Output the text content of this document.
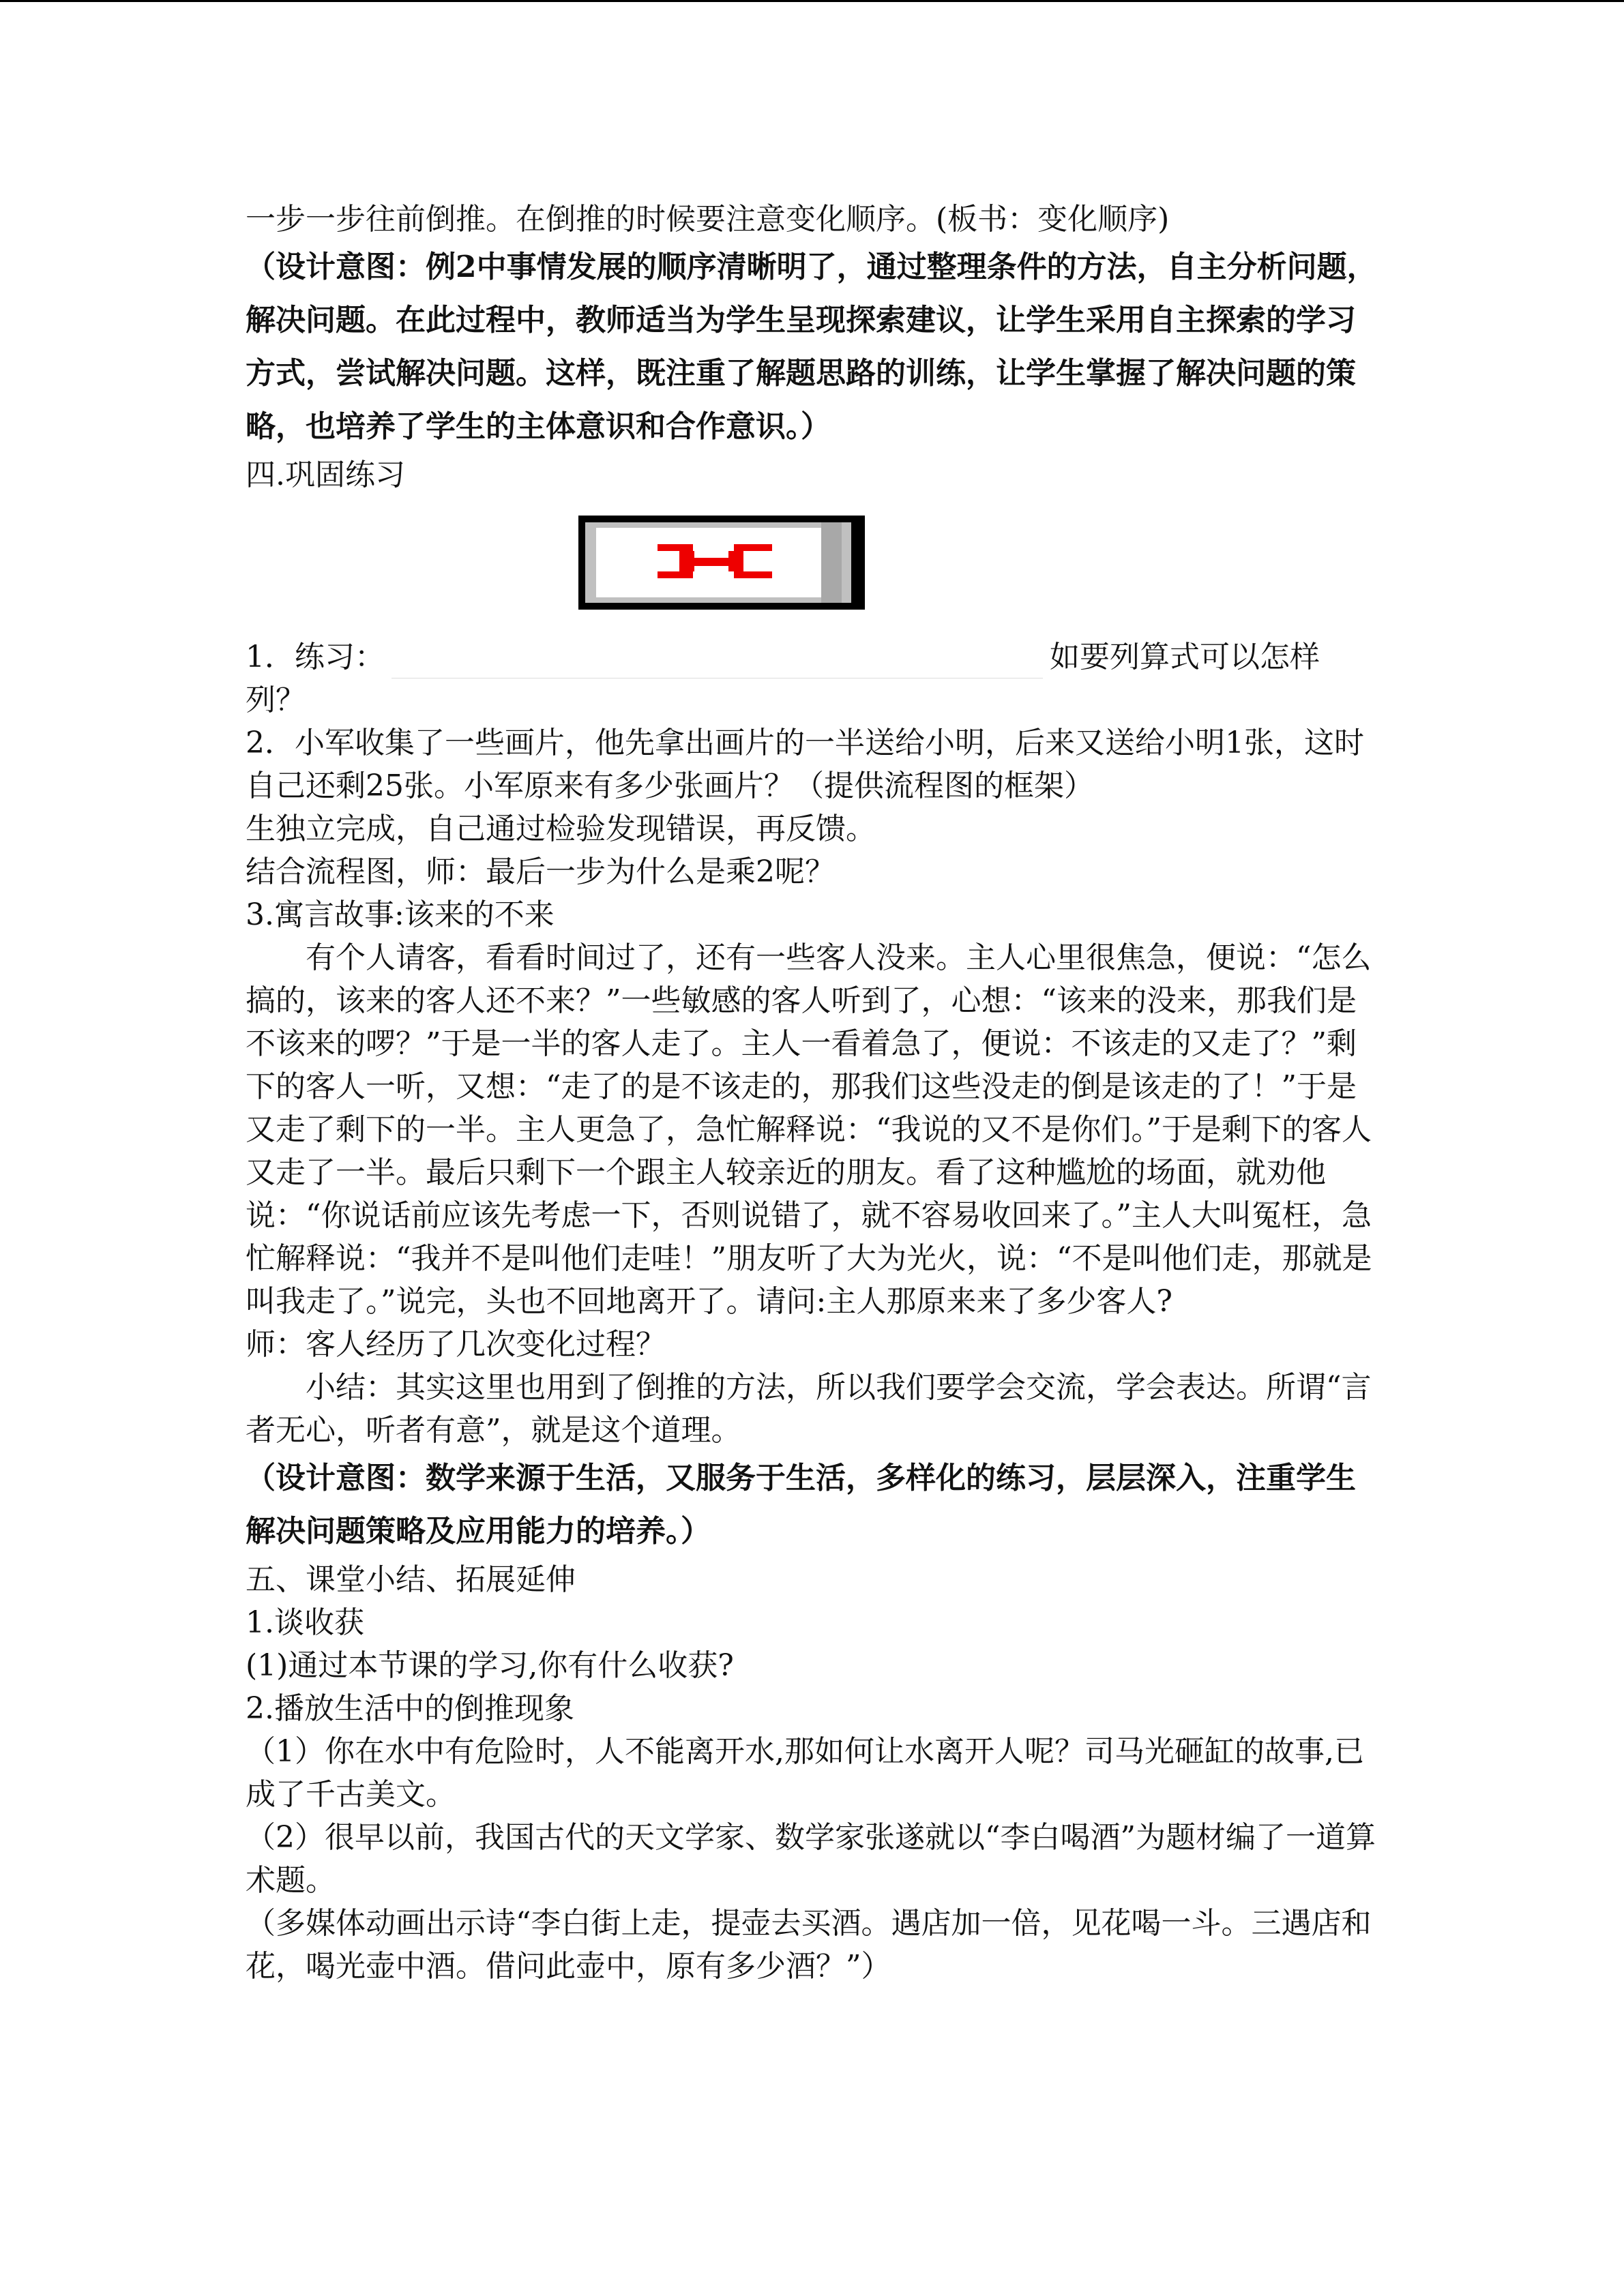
一步一步往前倒推。在倒推的时候要注意变化顺序。(板书：变化顺序)

（设计意图：例2中事情发展的顺序清晰明了，通过整理条件的方法，自主分析问题，解决问题。在此过程中，教师适当为学生呈现探索建议，让学生采用自主探索的学习方式，尝试解决问题。这样，既注重了解题思路的训练，让学生掌握了解决问题的策略，也培养了学生的主体意识和合作意识。）

四.巩固练习

1．练习：	如要列算式可以怎样

列？

2．小军收集了一些画片，他先拿出画片的一半送给小明，后来又送给小明1张，这时自己还剩25张。小军原来有多少张画片？（提供流程图的框架）

生独立完成，自己通过检验发现错误，再反馈。

结合流程图，师：最后一步为什么是乘2呢？

3.寓言故事:该来的不来

有个人请客，看看时间过了，还有一些客人没来。主人心里很焦急，便说：“怎么搞的，该来的客人还不来？”一些敏感的客人听到了，心想：“该来的没来，那我们是不该来的啰？”于是一半的客人走了。主人一看着急了，便说：不该走的又走了？”剩下的客人一听，又想：“走了的是不该走的，那我们这些没走的倒是该走的了！”于是又走了剩下的一半。主人更急了，急忙解释说：“我说的又不是你们。”于是剩下的客人又走了一半。最后只剩下一个跟主人较亲近的朋友。看了这种尴尬的场面，就劝他说：“你说话前应该先考虑一下，否则说错了，就不容易收回来了。”主人大叫冤枉，急忙解释说：“我并不是叫他们走哇！”朋友听了大为光火，说：“不是叫他们走，那就是叫我走了。”说完，头也不回地离开了。请问:主人那原来来了多少客人?

师：客人经历了几次变化过程？

小结：其实这里也用到了倒推的方法，所以我们要学会交流，学会表达。所谓“言者无心，听者有意”，就是这个道理。

（设计意图：数学来源于生活，又服务于生活，多样化的练习，层层深入，注重学生解决问题策略及应用能力的培养。）

五、课堂小结、拓展延伸

1.谈收获

(1)通过本节课的学习,你有什么收获?

2.播放生活中的倒推现象

（1）你在水中有危险时，人不能离开水,那如何让水离开人呢？司马光砸缸的故事,已成了千古美文。

（2）很早以前，我国古代的天文学家、数学家张遂就以“李白喝酒”为题材编了一道算术题。

（多媒体动画出示诗“李白街上走，提壶去买酒。遇店加一倍，见花喝一斗。三遇店和花，喝光壶中酒。借问此壶中，原有多少酒？”）
